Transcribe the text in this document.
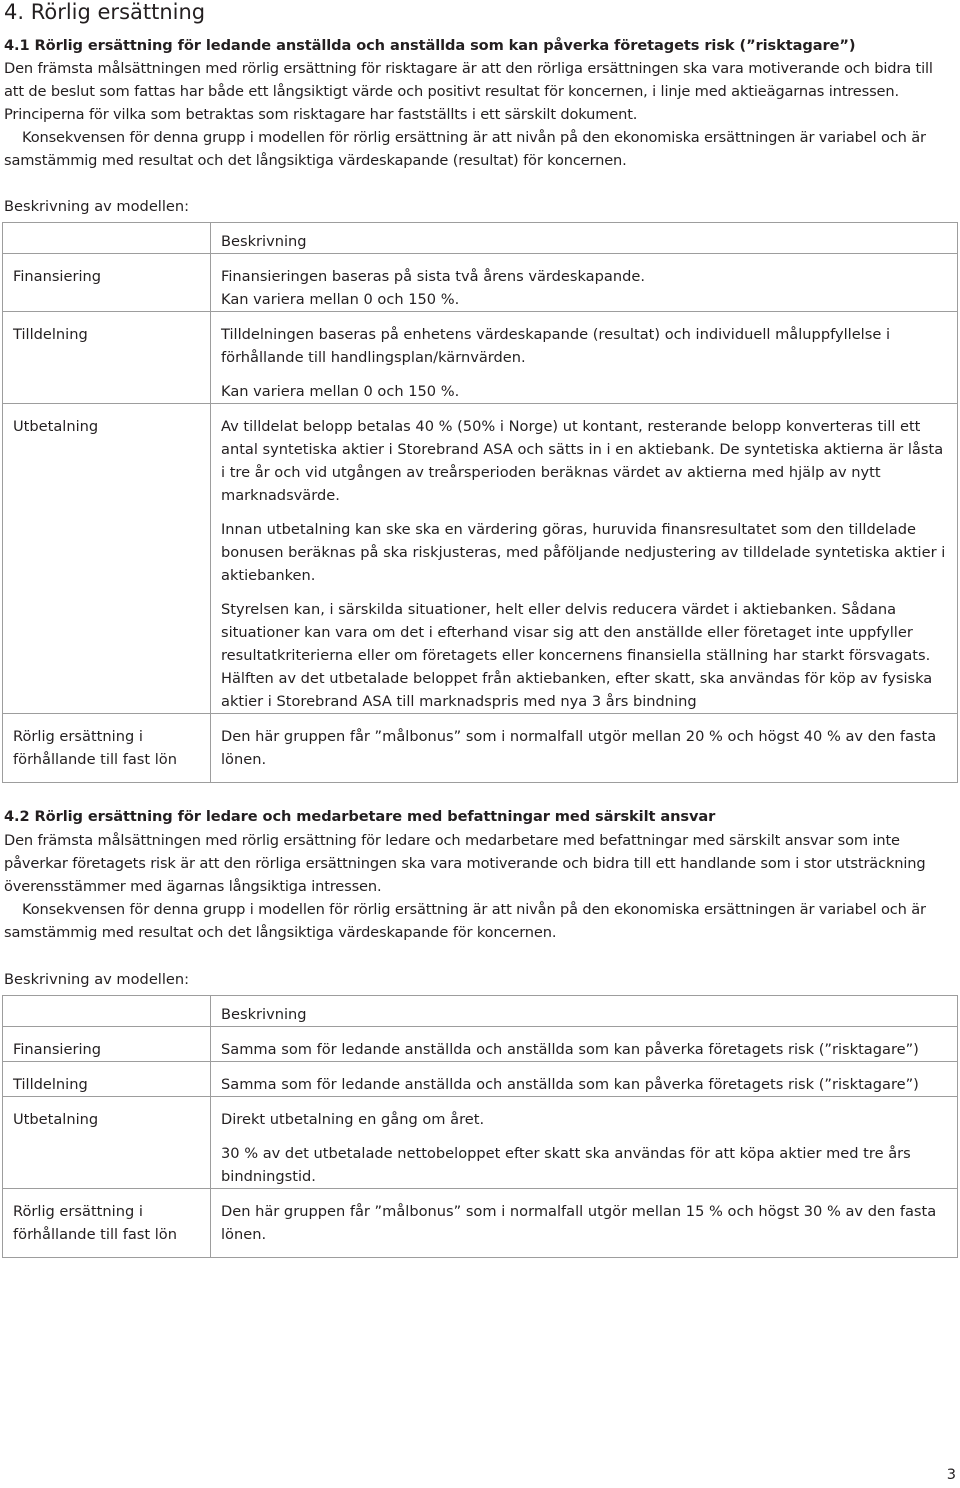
4. Rörlig ersättning
4.1 Rörlig ersättning för ledande anställda och anställda som kan påverka företagets risk (”risktagare”)

Den främsta målsättningen med rörlig ersättning för risktagare är att den rörliga ersättningen ska vara motiverande och bidra till att de beslut som fattas har både ett långsiktigt värde och positivt resultat för koncernen, i linje med aktieägarnas intressen. Principerna för vilka som betraktas som risktagare har fastställts i ett särskilt dokument.

Konsekvensen för denna grupp i modellen för rörlig ersättning är att nivån på den ekonomiska ersättningen är variabel och är samstämmig med resultat och det långsiktiga värdeskapande (resultat) för koncernen.

Beskrivning av modellen:
	Beskrivning
Finansiering	Finansieringen baseras på sista två årens värdeskapande.
Kan variera mellan 0 och 150 %.

Tilldelning	Tilldelningen baseras på enhetens värdeskapande (resultat) och individuell måluppfyllelse i förhållande till handlingsplan/kärnvärden.

Kan variera mellan 0 och 150 %.

Utbetalning	Av tilldelat belopp betalas 40 % (50% i Norge) ut kontant, resterande belopp konverteras till ett antal syntetiska aktier i Storebrand ASA och sätts in i en aktiebank. De syntetiska aktierna är låsta i tre år och vid utgången av treårsperioden beräknas värdet av aktierna med hjälp av nytt marknadsvärde.

Innan utbetalning kan ske ska en värdering göras, huruvida finansresultatet som den tilldelade bonusen beräknas på ska riskjusteras, med påföljande nedjustering av tilldelade syntetiska aktier i aktiebanken.

Styrelsen kan, i särskilda situationer, helt eller delvis reducera värdet i aktiebanken. Sådana situationer kan vara om det i efterhand visar sig att den anställde eller företaget inte uppfyller resultatkriterierna eller om företagets eller koncernens finansiella ställning har starkt försvagats. Hälften av det utbetalade beloppet från aktiebanken, efter skatt, ska användas för köp av fysiska aktier i Storebrand ASA till marknadspris med nya 3 års bindning

Rörlig ersättning i förhållande till fast lön	Den här gruppen får ”målbonus” som i normalfall utgör mellan 20 % och högst 40 % av den fasta lönen.

4.2 Rörlig ersättning för ledare och medarbetare med befattningar med särskilt ansvar

Den främsta målsättningen med rörlig ersättning för ledare och medarbetare med befattningar med särskilt ansvar som inte påverkar företagets risk är att den rörliga ersättningen ska vara motiverande och bidra till ett handlande som i stor utsträckning överensstämmer med ägarnas långsiktiga intressen.

Konsekvensen för denna grupp i modellen för rörlig ersättning är att nivån på den ekonomiska ersättningen är variabel och är samstämmig med resultat och det långsiktiga värdeskapande för koncernen.

Beskrivning av modellen:
	Beskrivning
Finansiering	Samma som för ledande anställda och anställda som kan påverka företagets risk (”risktagare”)

Tilldelning	Samma som för ledande anställda och anställda som kan påverka företagets risk (”risktagare”)

Utbetalning	Direkt utbetalning en gång om året.

30 % av det utbetalade nettobeloppet efter skatt ska användas för att köpa aktier med tre års bindningstid.

Rörlig ersättning i förhållande till fast lön	Den här gruppen får ”målbonus” som i normalfall utgör mellan 15 % och högst 30 % av den fasta lönen.

3
